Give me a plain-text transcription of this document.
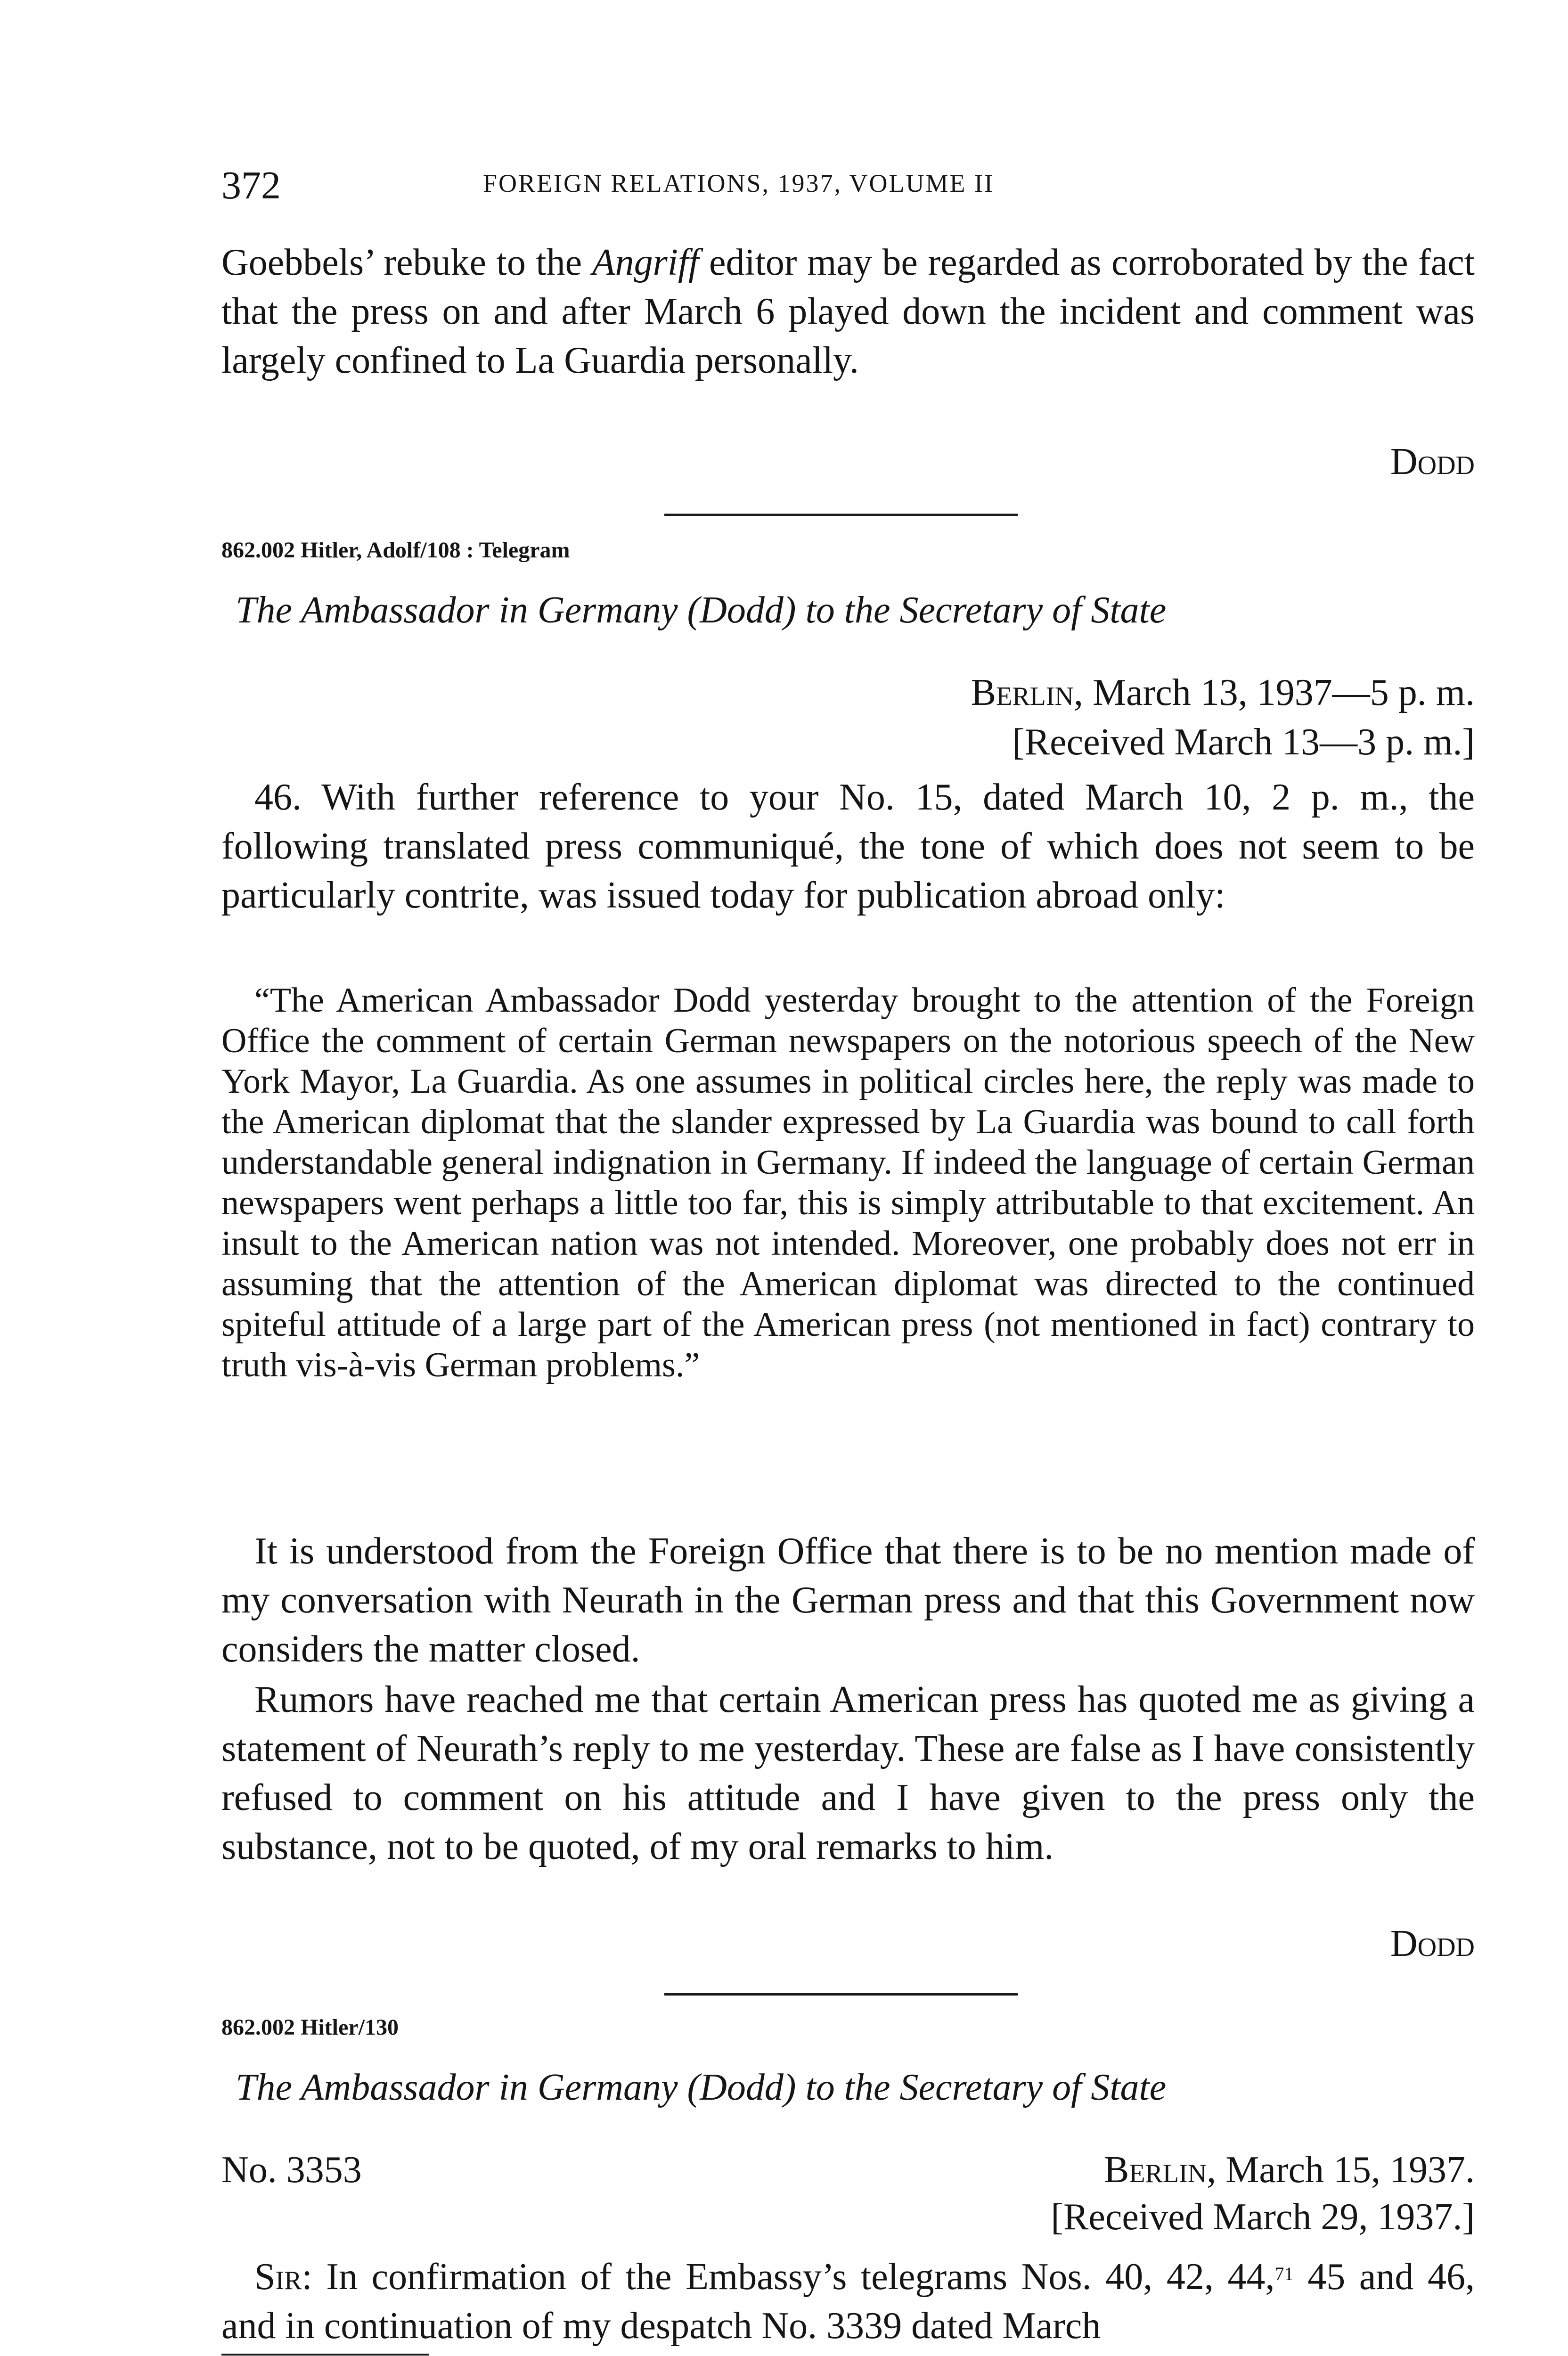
372	FOREIGN RELATIONS, 1937, VOLUME II

Goebbels’ rebuke to the Angriff editor may be regarded as corroborated by the fact that the press on and after March 6 played down the incident and comment was largely confined to La Guardia personally.

Dodd
862.002 Hitler, Adolf/108 : Telegram
The Ambassador in Germany (Dodd) to the Secretary of State
Berlin, March 13, 1937—5 p. m.
[Received March 13—3 p. m.]

46. With further reference to your No. 15, dated March 10, 2 p. m., the following translated press communiqué, the tone of which does not seem to be particularly contrite, was issued today for publication abroad only:

“The American Ambassador Dodd yesterday brought to the attention of the Foreign Office the comment of certain German newspapers on the notorious speech of the New York Mayor, La Guardia. As one assumes in political circles here, the reply was made to the American diplomat that the slander expressed by La Guardia was bound to call forth understandable general indignation in Germany. If indeed the language of certain German newspapers went perhaps a little too far, this is simply attributable to that excitement. An insult to the American nation was not intended. Moreover, one probably does not err in assuming that the attention of the American diplomat was directed to the continued spiteful attitude of a large part of the American press (not mentioned in fact) contrary to truth vis-à-vis German problems.”

It is understood from the Foreign Office that there is to be no mention made of my conversation with Neurath in the German press and that this Government now considers the matter closed.

Rumors have reached me that certain American press has quoted me as giving a statement of Neurath’s reply to me yesterday. These are false as I have consistently refused to comment on his attitude and I have given to the press only the substance, not to be quoted, of my oral remarks to him.

Dodd
862.002 Hitler/130
The Ambassador in Germany (Dodd) to the Secretary of State
No. 3353	Berlin, March 15, 1937.
[Received March 29, 1937.]

Sir: In confirmation of the Embassy’s telegrams Nos. 40, 42, 44,71 45 and 46, and in continuation of my despatch No. 3339 dated March
